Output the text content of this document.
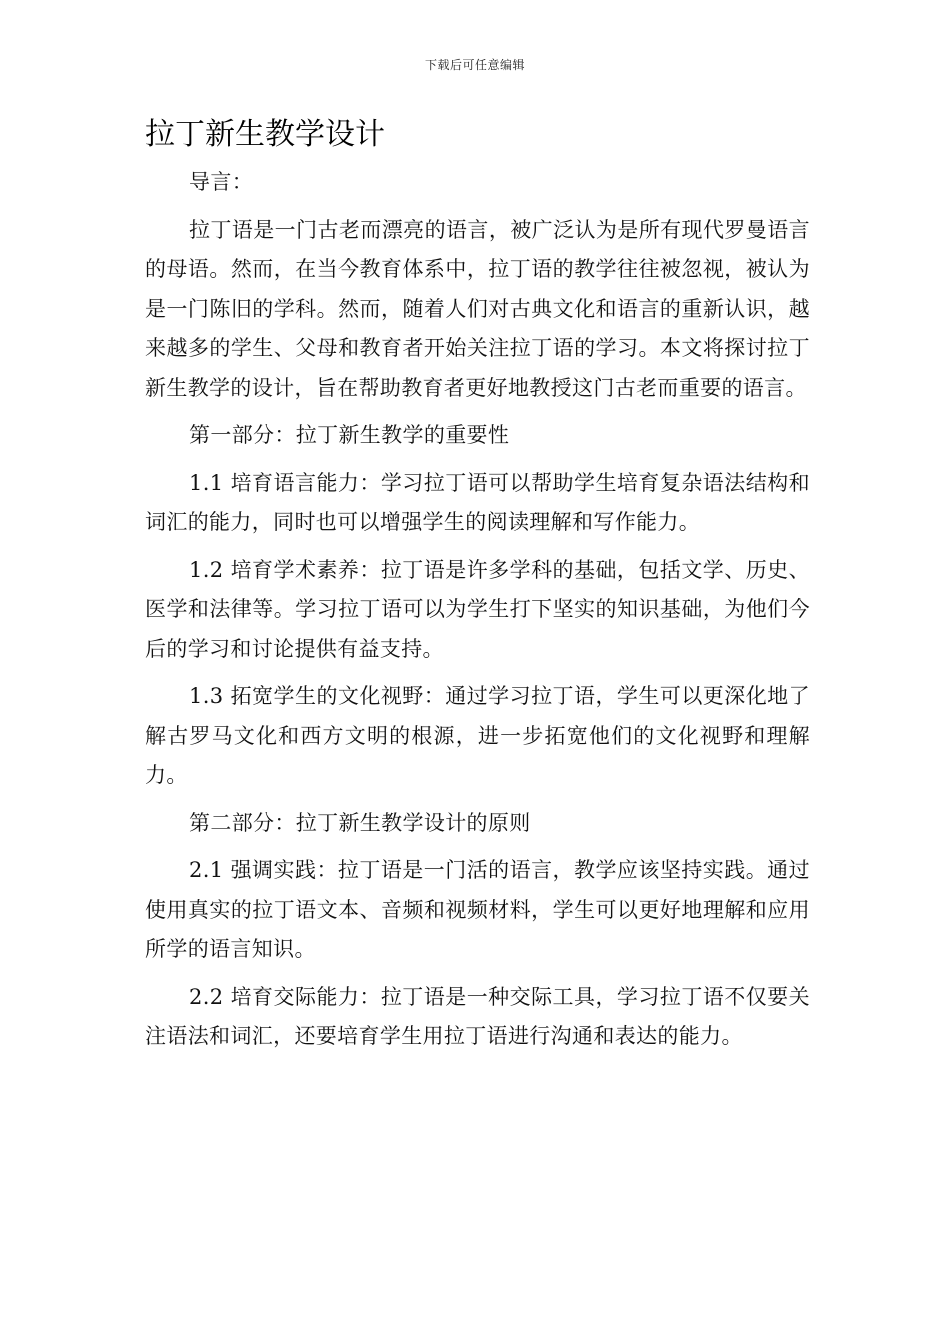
下载后可任意编辑
拉丁新生教学设计

导言：

拉丁语是一门古老而漂亮的语言，被广泛认为是所有现代罗曼语言的母语。然而，在当今教育体系中，拉丁语的教学往往被忽视，被认为是一门陈旧的学科。然而，随着人们对古典文化和语言的重新认识，越来越多的学生、父母和教育者开始关注拉丁语的学习。本文将探讨拉丁新生教学的设计，旨在帮助教育者更好地教授这门古老而重要的语言。

第一部分：拉丁新生教学的重要性

1.1 培育语言能力：学习拉丁语可以帮助学生培育复杂语法结构和词汇的能力，同时也可以增强学生的阅读理解和写作能力。

1.2 培育学术素养：拉丁语是许多学科的基础，包括文学、历史、医学和法律等。学习拉丁语可以为学生打下坚实的知识基础，为他们今后的学习和讨论提供有益支持。

1.3 拓宽学生的文化视野：通过学习拉丁语，学生可以更深化地了解古罗马文化和西方文明的根源，进一步拓宽他们的文化视野和理解力。

第二部分：拉丁新生教学设计的原则

2.1 强调实践：拉丁语是一门活的语言，教学应该坚持实践。通过使用真实的拉丁语文本、音频和视频材料，学生可以更好地理解和应用所学的语言知识。

2.2 培育交际能力：拉丁语是一种交际工具，学习拉丁语不仅要关注语法和词汇，还要培育学生用拉丁语进行沟通和表达的能力。
